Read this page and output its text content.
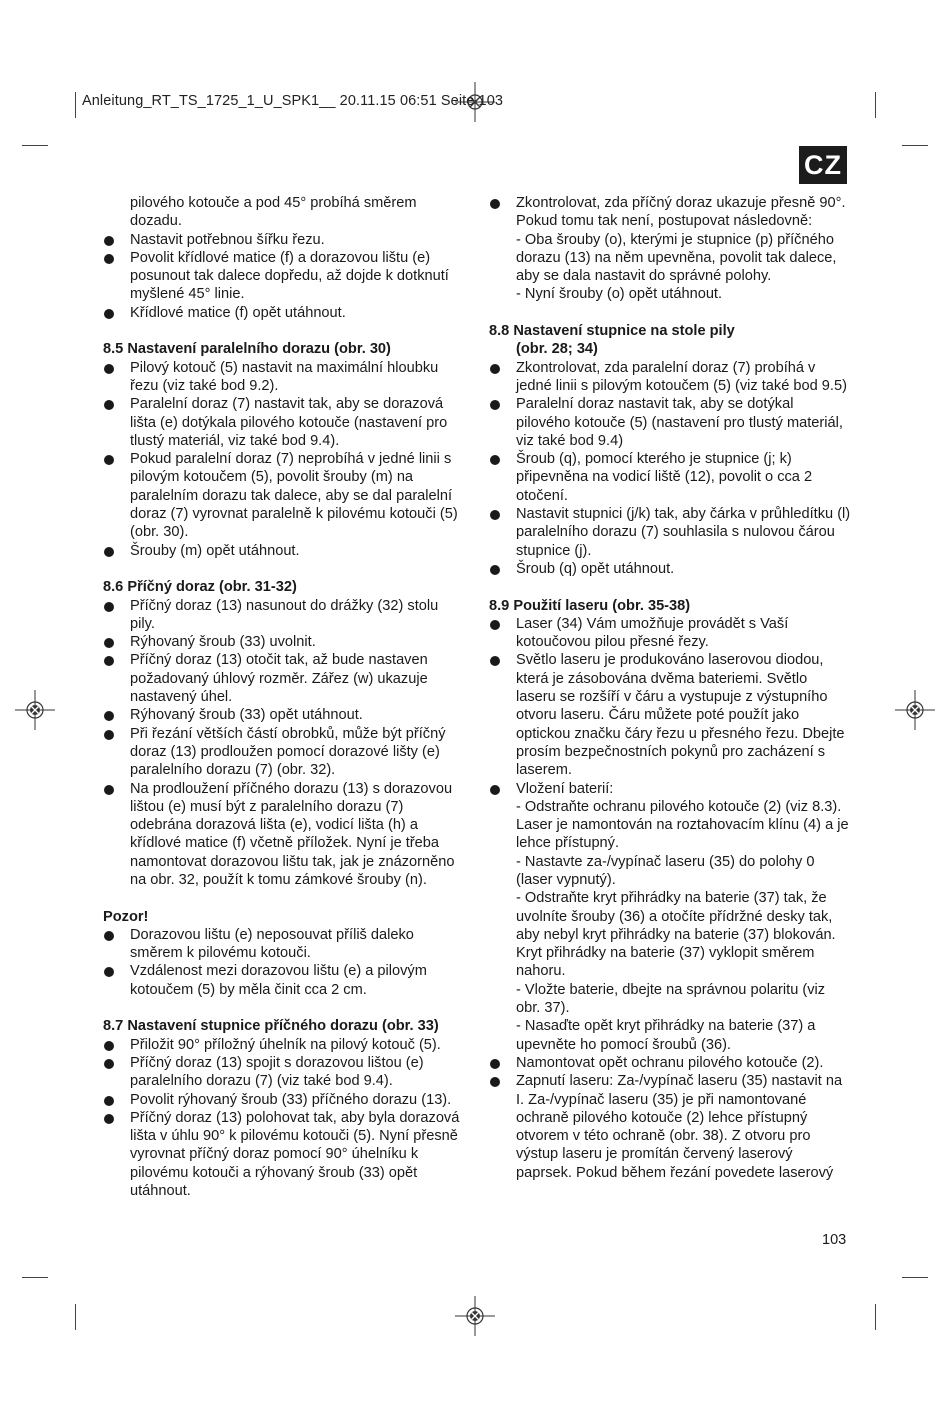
Anleitung_RT_TS_1725_1_U_SPK1__ 20.11.15 06:51 Seite 103
CZ

pilového kotouče a pod 45° probíhá směrem dozadu.

Nastavit potřebnou šířku řezu.
Povolit křídlové matice (f) a dorazovou lištu (e) posunout tak dalece dopředu, až dojde k dotknutí myšlené 45° linie.
Křídlové matice (f) opět utáhnout.
8.5 Nastavení paralelního dorazu (obr. 30)
Pilový kotouč (5) nastavit na maximální hloubku řezu (viz také bod 9.2).
Paralelní doraz (7) nastavit tak, aby se dorazová lišta (e) dotýkala pilového kotouče (nastavení pro tlustý materiál, viz také bod 9.4).
Pokud paralelní doraz (7) neprobíhá v jedné linii s pilovým kotoučem (5), povolit šrouby (m) na paralelním dorazu tak dalece, aby se dal paralelní doraz (7) vyrovnat paralelně k pilovému kotouči (5) (obr. 30).
Šrouby (m) opět utáhnout.
8.6 Příčný doraz (obr. 31-32)
Příčný doraz (13) nasunout do drážky (32) stolu pily.
Rýhovaný šroub (33) uvolnit.
Příčný doraz (13) otočit tak, až bude nastaven požadovaný úhlový rozměr. Zářez (w) ukazuje nastavený úhel.
Rýhovaný šroub (33) opět utáhnout.
Při řezání větších částí obrobků, může být příčný doraz (13) prodloužen pomocí dorazové lišty (e) paralelního dorazu (7) (obr. 32).
Na prodloužení příčného dorazu (13) s dorazovou lištou (e) musí být z paralelního dorazu (7) odebrána dorazová lišta (e), vodicí lišta (h) a křídlové matice (f) včetně příložek. Nyní je třeba namontovat dorazovou lištu tak, jak je znázorněno na obr. 32, použít k tomu zámkové šrouby (n).
Pozor!
Dorazovou lištu (e) neposouvat příliš daleko směrem k pilovému kotouči.
Vzdálenost mezi dorazovou lištu (e) a pilovým kotoučem (5) by měla činit cca 2 cm.
8.7 Nastavení stupnice příčného dorazu (obr. 33)
Přiložit 90° příložný úhelník na pilový kotouč (5).
Příčný doraz (13) spojit s dorazovou lištou (e) paralelního dorazu (7) (viz také bod 9.4).
Povolit rýhovaný šroub (33) příčného dorazu (13).
Příčný doraz (13) polohovat tak, aby byla dorazová lišta v úhlu 90° k pilovému kotouči (5). Nyní přesně vyrovnat příčný doraz pomocí 90° úhelníku k pilovému kotouči a rýhovaný šroub (33) opět utáhnout.
Zkontrolovat, zda příčný doraz ukazuje přesně 90°. Pokud tomu tak není, postupovat následovně:
- Oba šrouby (o), kterými je stupnice (p) příčného dorazu (13) na něm upevněna, povolit tak dalece, aby se dala nastavit do správné polohy.
- Nyní šrouby (o) opět utáhnout.
8.8 Nastavení stupnice na stole pily
(obr. 28; 34)
Zkontrolovat, zda paralelní doraz (7) probíhá v jedné linii s pilovým kotoučem (5) (viz také bod 9.5)
Paralelní doraz nastavit tak, aby se dotýkal pilového kotouče (5) (nastavení pro tlustý materiál, viz také bod 9.4)
Šroub (q), pomocí kterého je stupnice (j; k) připevněna na vodicí liště (12), povolit o cca 2 otočení.
Nastavit stupnici (j/k) tak, aby čárka v průhledítku (l) paralelního dorazu (7) souhlasila s nulovou čárou stupnice (j).
Šroub (q) opět utáhnout.
8.9 Použití laseru (obr. 35-38)
Laser (34) Vám umožňuje provádět s Vaší kotoučovou pilou přesné řezy.
Světlo laseru je produkováno laserovou diodou, která je zásobována dvěma bateriemi. Světlo laseru se rozšíří v čáru a vystupuje z výstupního otvoru laseru. Čáru můžete poté použít jako optickou značku čáry řezu u přesného řezu. Dbejte prosím bezpečnostních pokynů pro zacházení s laserem.
Vložení baterií:
- Odstraňte ochranu pilového kotouče (2) (viz 8.3). Laser je namontován na roztahovacím klínu (4) a je lehce přístupný.
- Nastavte za-/vypínač laseru (35) do polohy 0 (laser vypnutý).
- Odstraňte kryt přihrádky na baterie (37) tak, že uvolníte šrouby (36) a otočíte přídržné desky tak, aby nebyl kryt přihrádky na baterie (37) blokován. Kryt přihrádky na baterie (37) vyklopit směrem nahoru.
- Vložte baterie, dbejte na správnou polaritu (viz obr. 37).
- Nasaďte opět kryt přihrádky na baterie (37) a upevněte ho pomocí šroubů (36).
Namontovat opět ochranu pilového kotouče (2).
Zapnutí laseru: Za-/vypínač laseru (35) nastavit na I. Za-/vypínač laseru (35) je při namontované ochraně pilového kotouče (2) lehce přístupný otvorem v této ochraně (obr. 38). Z otvoru pro výstup laseru je promítán červený laserový paprsek. Pokud během řezání povedete laserový
103
